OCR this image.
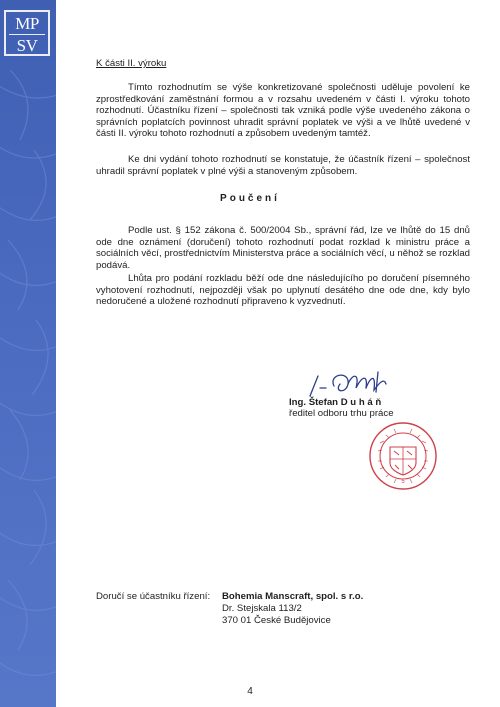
MP
SV
K části II. výroku

Tímto rozhodnutím se výše konkretizované společnosti uděluje povolení ke zprostředkování zaměstnání formou a v rozsahu uvedeném v části I. výroku tohoto rozhodnutí. Účastníku řízení – společnosti tak vzniká podle výše uvedeného zákona o správních poplatcích povinnost uhradit správní poplatek ve výši a ve lhůtě uvedené v části II. výroku tohoto rozhodnutí a způsobem uvedeným tamtéž.

Ke dni vydání tohoto rozhodnutí se konstatuje, že účastník řízení – společnost uhradil správní poplatek v plné výši a stanoveným způsobem.

Poučení

Podle ust. § 152 zákona č. 500/2004 Sb., správní řád, lze ve lhůtě do 15 dnů ode dne oznámení (doručení) tohoto rozhodnutí podat rozklad k ministru práce a sociálních věcí, prostřednictvím Ministerstva práce a sociálních věcí, u něhož se rozklad podává.

Lhůta pro podání rozkladu běží ode dne následujícího po doručení písemného vyhotovení rozhodnutí, nejpozději však po uplynutí desátého dne ode dne, kdy bylo nedoručené a uložené rozhodnutí připraveno k vyzvednutí.

Ing. Štefan D u h á ň
ředitel odboru trhu práce
5
Doručí se účastníku řízení: Bohemia Manscraft, spol. s r.o.
Dr. Stejskala 113/2
370 01 České Budějovice
4
